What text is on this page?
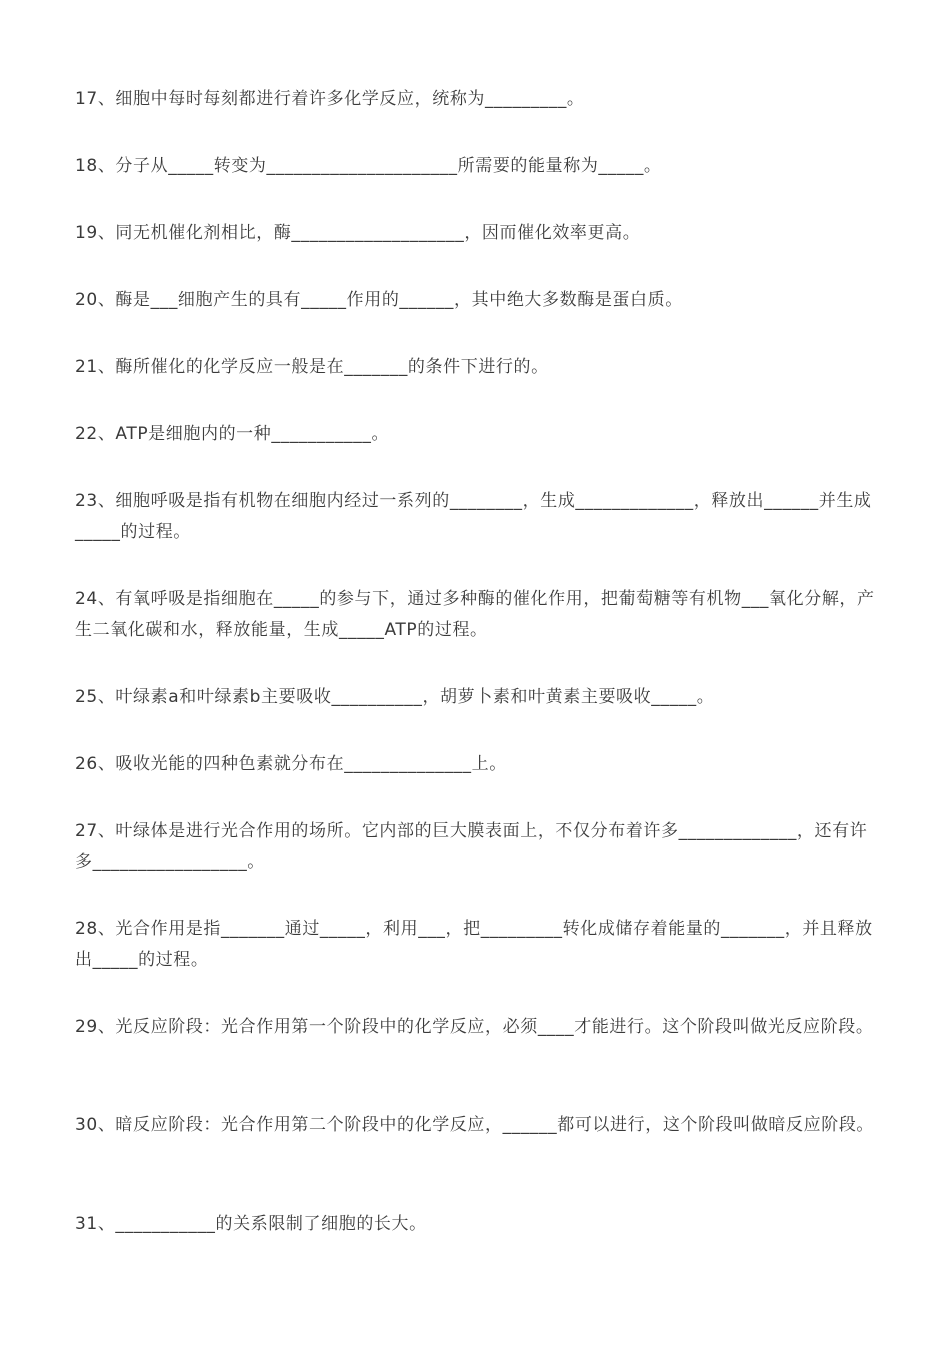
17、细胞中每时每刻都进行着许多化学反应，统称为_________。

18、分子从_____转变为_____________________所需要的能量称为_____。

19、同无机催化剂相比，酶___________________，因而催化效率更高。

20、酶是___细胞产生的具有_____作用的______，其中绝大多数酶是蛋白质。

21、酶所催化的化学反应一般是在_______的条件下进行的。

22、ATP是细胞内的一种___________。

23、细胞呼吸是指有机物在细胞内经过一系列的________，生成_____________，释放出______并生成_____的过程。

24、有氧呼吸是指细胞在_____的参与下，通过多种酶的催化作用，把葡萄糖等有机物___氧化分解，产生二氧化碳和水，释放能量，生成_____ATP的过程。

25、叶绿素a和叶绿素b主要吸收__________，胡萝卜素和叶黄素主要吸收_____。

26、吸收光能的四种色素就分布在______________上。

27、叶绿体是进行光合作用的场所。它内部的巨大膜表面上，不仅分布着许多_____________，还有许多_________________。

28、光合作用是指_______通过_____，利用___，把_________转化成储存着能量的_______，并且释放出_____的过程。

29、光反应阶段：光合作用第一个阶段中的化学反应，必须____才能进行。这个阶段叫做光反应阶段。

30、暗反应阶段：光合作用第二个阶段中的化学反应，______都可以进行，这个阶段叫做暗反应阶段。

31、___________的关系限制了细胞的长大。
